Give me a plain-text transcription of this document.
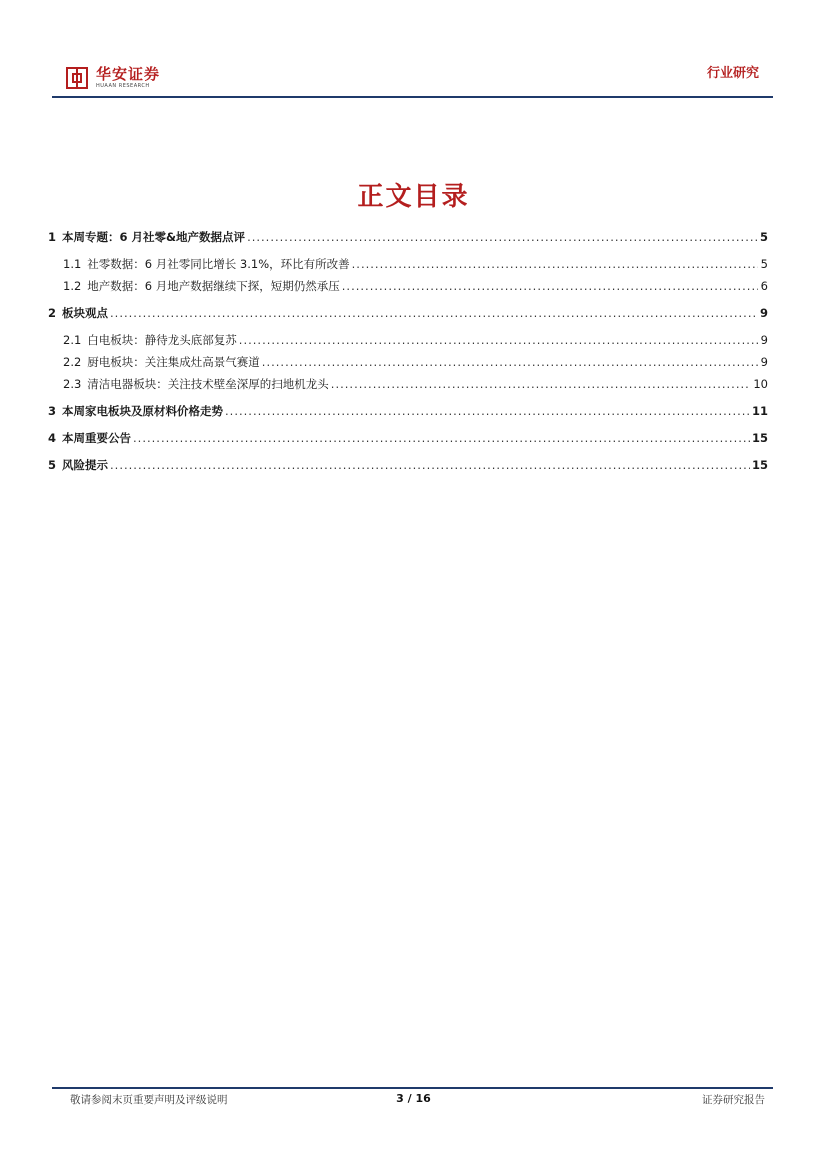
华安证券
HUAAN RESEARCH
行业研究
正文目录
1 本周专题：6 月社零&地产数据点评 .....	5
1.1 社零数据：6 月社零同比增长 3.1%，环比有所改善 .....	5
1.2 地产数据：6 月地产数据继续下探，短期仍然承压 .....	6
2 板块观点 .....	9
2.1 白电板块：静待龙头底部复苏 .....	9
2.2 厨电板块：关注集成灶高景气赛道 .....	9
2.3 清洁电器板块：关注技术壁垒深厚的扫地机龙头 .....	10
3 本周家电板块及原材料价格走势 .....	11
4 本周重要公告 .....	15
5 风险提示 .....	15
敬请参阅末页重要声明及评级说明	3 / 16	证券研究报告
